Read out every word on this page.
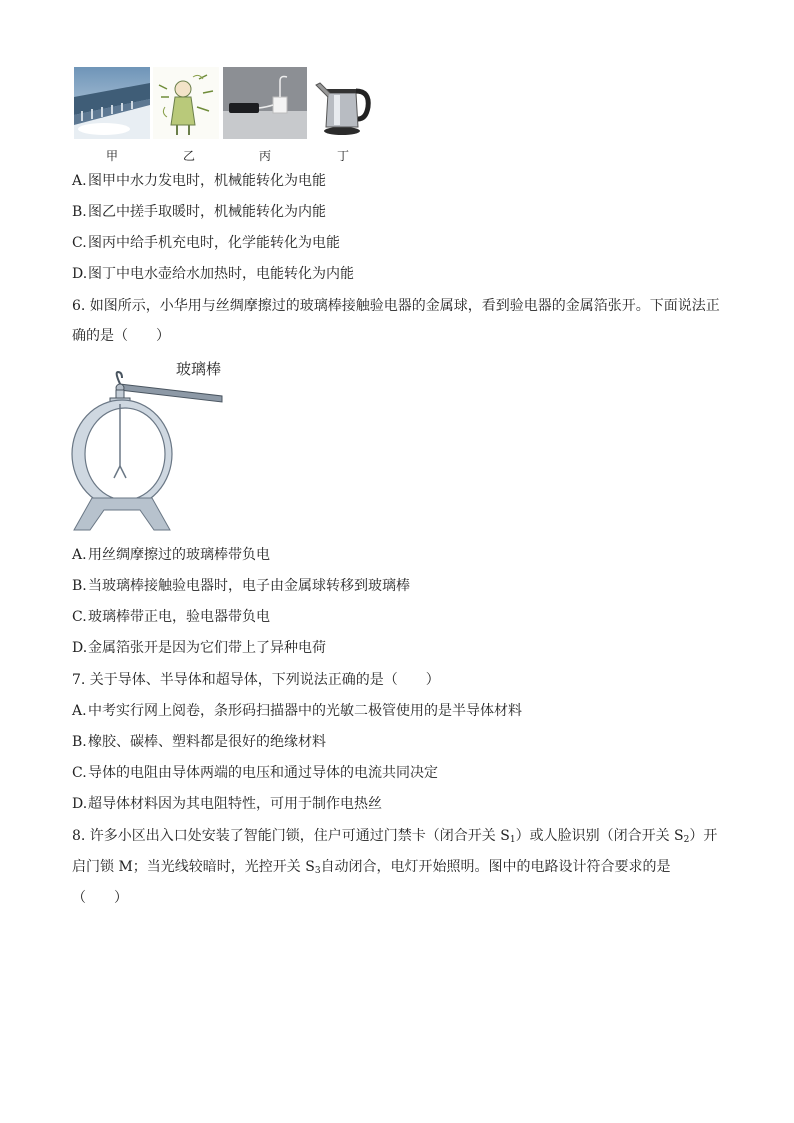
甲	乙	丙	丁
A.图甲中水力发电时，机械能转化为电能
B.图乙中搓手取暖时，机械能转化为内能
C.图丙中给手机充电时，化学能转化为电能
D.图丁中电水壶给水加热时，电能转化为内能
6. 如图所示，小华用与丝绸摩擦过的玻璃棒接触验电器的金属球，看到验电器的金属箔张开。下面说法正
确的是（　　）
玻璃棒
A.用丝绸摩擦过的玻璃棒带负电
B.当玻璃棒接触验电器时，电子由金属球转移到玻璃棒
C.玻璃棒带正电，验电器带负电
D.金属箔张开是因为它们带上了异种电荷
7. 关于导体、半导体和超导体，下列说法正确的是（　　）
A.中考实行网上阅卷，条形码扫描器中的光敏二极管使用的是半导体材料
B.橡胶、碳棒、塑料都是很好的绝缘材料
C.导体的电阻由导体两端的电压和通过导体的电流共同决定
D.超导体材料因为其电阻特性，可用于制作电热丝
8. 许多小区出入口处安装了智能门锁，住户可通过门禁卡（闭合开关 $S_1$）或人脸识别（闭合开关 $S_2$）开
启门锁 M；当光线较暗时，光控开关 $S_3$自动闭合，电灯开始照明。图中的电路设计符合要求的是
（　　）
